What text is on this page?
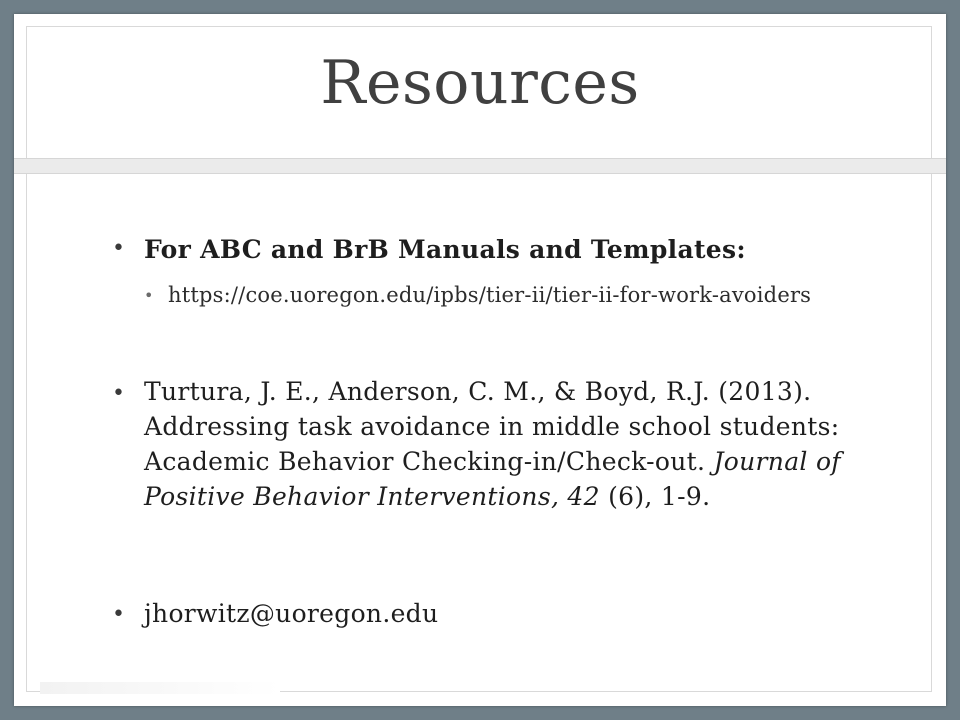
Resources
• For ABC and BrB Manuals and Templates:
• https://coe.uoregon.edu/ipbs/tier-ii/tier-ii-for-work-avoiders
• Turtura, J. E., Anderson, C. M., & Boyd, R.J. (2013). Addressing task avoidance in middle school students: Academic Behavior Checking-in/Check-out. Journal of Positive Behavior Interventions, 42 (6), 1-9.
• jhorwitz@uoregon.edu
